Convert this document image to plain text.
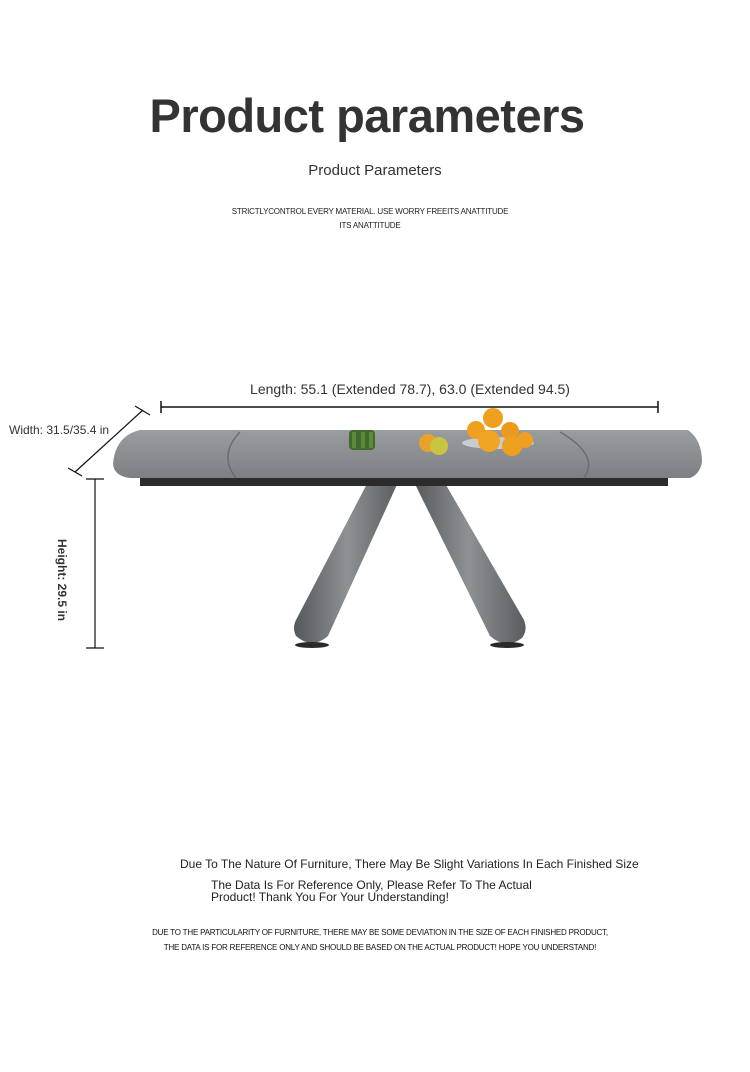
Product parameters
Product Parameters
STRICTLYCONTROL EVERY MATERIAL. USE WORRY FREEITS ANATTITUDE
ITS ANATTITUDE
Length: 55.1 (Extended 78.7), 63.0 (Extended 94.5)
Width: 31.5/35.4 in
Height: 29.5 in
Due To The Nature Of Furniture, There May Be Slight Variations In Each Finished Size
The Data Is For Reference Only, Please Refer To The Actual Product! Thank You For Your Understanding!
DUE TO THE PARTICULARITY OF FURNITURE, THERE MAY BE SOME DEVIATION IN THE SIZE OF EACH FINISHED PRODUCT,
THE DATA IS FOR REFERENCE ONLY AND SHOULD BE BASED ON THE ACTUAL PRODUCT! HOPE YOU UNDERSTAND!
